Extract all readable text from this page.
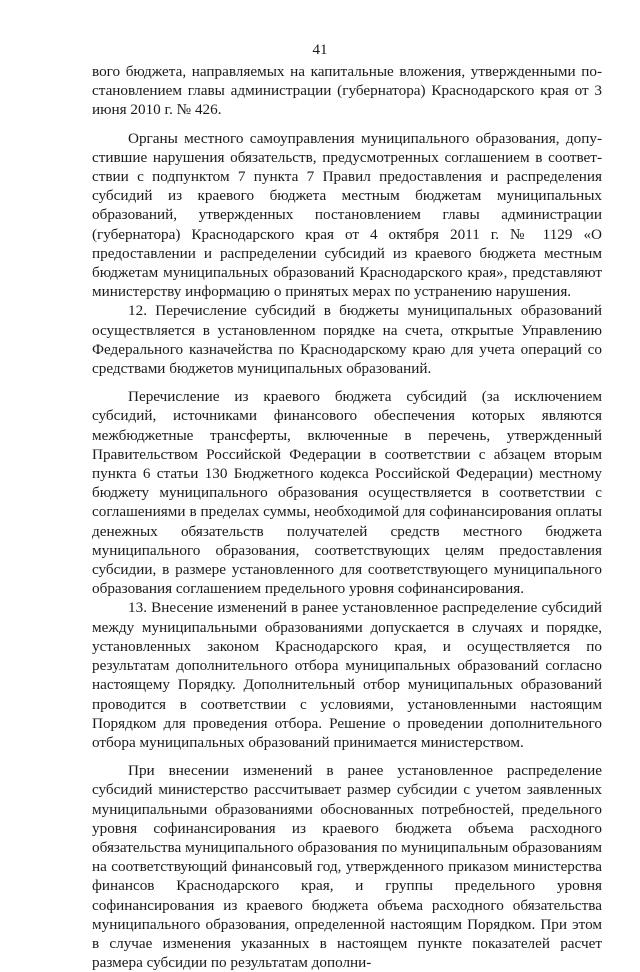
41

вого бюджета, направляемых на капитальные вложения, утвержденными постановлением главы администрации (губернатора) Краснодарского края от 3 июня 2010 г. № 426.

Органы местного самоуправления муниципального образования, допустившие нарушения обязательств, предусмотренных соглашением в соответствии с подпунктом 7 пункта 7 Правил предоставления и распределения субсидий из краевого бюджета местным бюджетам муниципальных образований, утвержденных постановлением главы администрации (губернатора) Краснодарского края от 4 октября 2011 г. № 1129 «О предоставлении и распределении субсидий из краевого бюджета местным бюджетам муниципальных образований Краснодарского края», представляют министерству информацию о принятых мерах по устранению нарушения.

12. Перечисление субсидий в бюджеты муниципальных образований осуществляется в установленном порядке на счета, открытые Управлению Федерального казначейства по Краснодарскому краю для учета операций со средствами бюджетов муниципальных образований.

Перечисление из краевого бюджета субсидий (за исключением субсидий, источниками финансового обеспечения которых являются межбюджетные трансферты, включенные в перечень, утвержденный Правительством Российской Федерации в соответствии с абзацем вторым пункта 6 статьи 130 Бюджетного кодекса Российской Федерации) местному бюджету муниципального образования осуществляется в соответствии с соглашениями в пределах суммы, необходимой для софинансирования оплаты денежных обязательств получателей средств местного бюджета муниципального образования, соответствующих целям предоставления субсидии, в размере установленного для соответствующего муниципального образования соглашением предельного уровня софинансирования.

13. Внесение изменений в ранее установленное распределение субсидий между муниципальными образованиями допускается в случаях и порядке, установленных законом Краснодарского края, и осуществляется по результатам дополнительного отбора муниципальных образований согласно настоящему Порядку. Дополнительный отбор муниципальных образований проводится в соответствии с условиями, установленными настоящим Порядком для проведения отбора. Решение о проведении дополнительного отбора муниципальных образований принимается министерством.

При внесении изменений в ранее установленное распределение субсидий министерство рассчитывает размер субсидии с учетом заявленных муниципальными образованиями обоснованных потребностей, предельного уровня софинансирования из краевого бюджета объема расходного обязательства муниципального образования по муниципальным образованиям на соответствующий финансовый год, утвержденного приказом министерства финансов Краснодарского края, и группы предельного уровня софинансирования из краевого бюджета объема расходного обязательства муниципального образования, определенной настоящим Порядком. При этом в случае изменения указанных в настоящем пункте показателей расчет размера субсидии по результатам дополни-
